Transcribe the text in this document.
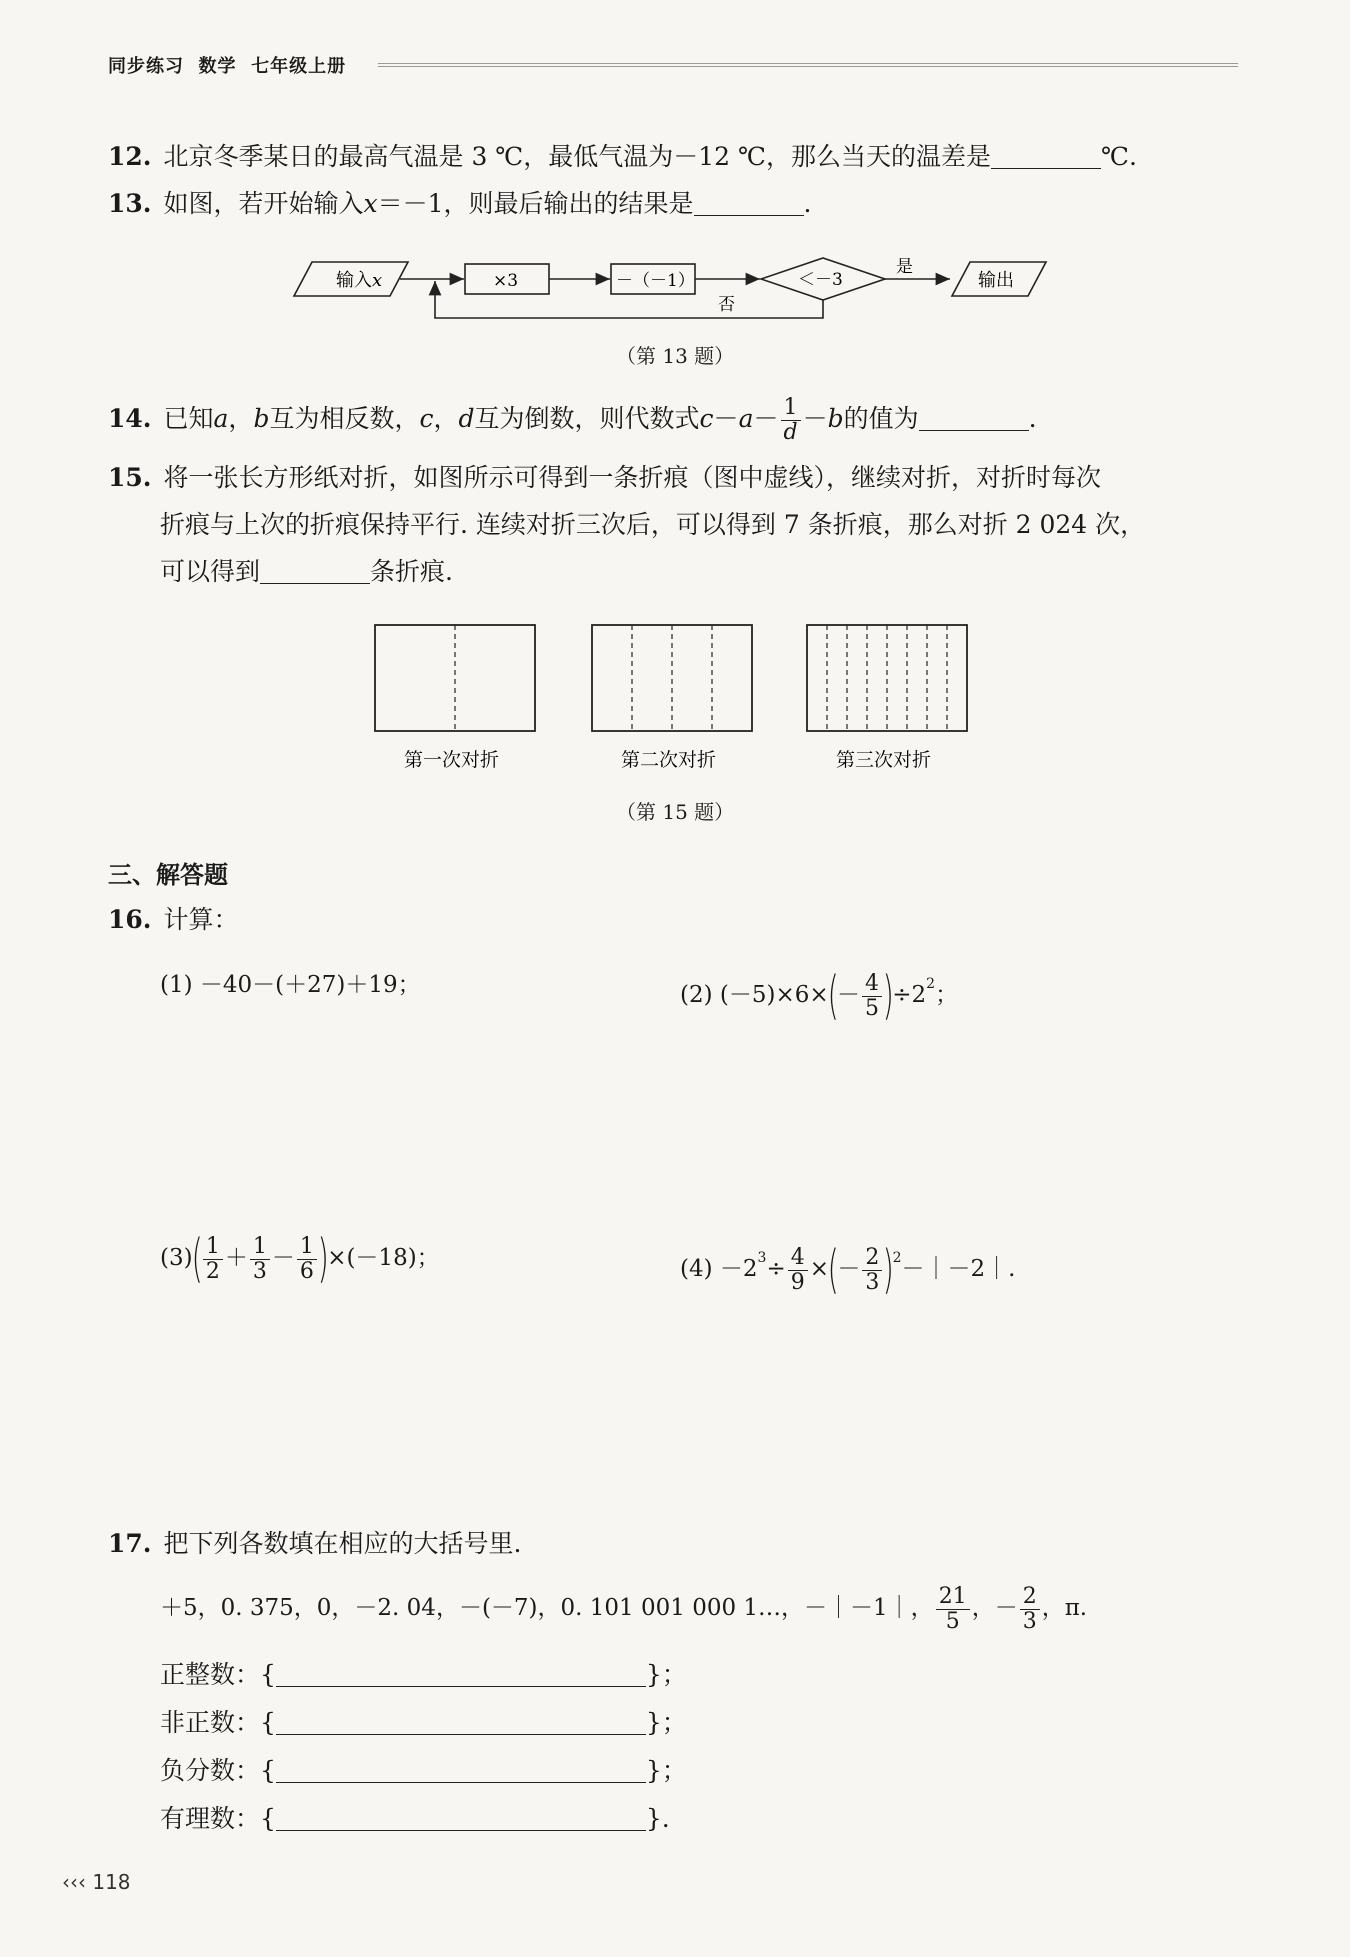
同步练习 数学 七年级上册
12. 北京冬季某日的最高气温是 3 ℃，最低气温为－12 ℃，那么当天的温差是	℃.
13. 如图，若开始输入x＝－1，则最后输出的结果是	.
输入x	×3	－（－1）	＜－3
是
输出
否
（第 13 题）
14. 已知a，b互为相反数，c，d互为倒数，则代数式$c-a- \frac{1}{d} -b$的值为	.
15. 将一张长方形纸对折，如图所示可得到一条折痕（图中虚线），继续对折，对折时每次
折痕与上次的折痕保持平行. 连续对折三次后，可以得到 7 条折痕，那么对折 2 024 次，
可以得到	条折痕.
第一次对折	第二次对折	第三次对折
（第 15 题）
三、解答题
16. 计算：
(1) －40－(＋27)＋19；	(2) $(-5)\times 6\times(- \frac{4}{5} )\div 2^2$；
$(3)( \frac{1}{2} + \frac{1}{3} - \frac{1}{6} )\times(-18)$；	$(4) -2^3\div \frac{4}{9}$ ×(－ $\frac{2}{3}$ )$^2$－｜－2｜.
17. 把下列各数填在相应的大括号里.
＋5，0. 375，0，－2. 04，－(－7)，0. 101 001 000 1…，－｜－1｜， $\frac{21}{5}$ ，－ $\frac{2}{3}$ ，π.
正整数：{	}；
非正数：{	}；
负分数：{	}；
有理数：{	}.
‹‹‹ 118
